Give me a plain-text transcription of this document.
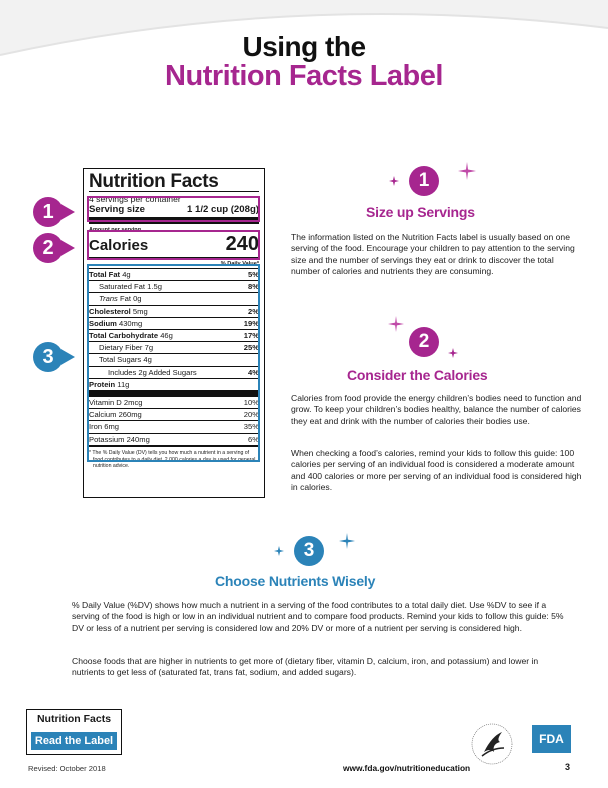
Using the
Nutrition Facts Label
Nutrition Facts
4 servings per container
Serving size	1 1/2 cup (208g)
Amount per serving
Calories	240
% Daily Value*
Total Fat 4g	5%
Saturated Fat 1.5g	8%
Trans Fat 0g
Cholesterol 5mg	2%
Sodium 430mg	19%
Total Carbohydrate 46g	17%
Dietary Fiber 7g	25%
Total Sugars 4g
Includes 2g Added Sugars	4%
Protein 11g
Vitamin D 2mcg	10%
Calcium 260mg	20%
Iron 6mg	35%
Potassium 240mg	6%
* The % Daily Value (DV) tells you how much a nutrient in a serving of food contributes to a daily diet. 2,000 calories a day is used for general nutrition advice.
1
2
3
1
Size up Servings
The information listed on the Nutrition Facts label is usually based on one serving of the food. Encourage your children to pay attention to the serving size and the number of servings they eat or drink to discover the total number of calories and nutrients they are consuming.
2
Consider the Calories
Calories from food provide the energy children’s bodies need to function and grow. To keep your children’s bodies healthy, balance the number of calories they eat and drink with the number of calories their bodies use.
When checking a food’s calories, remind your kids to follow this guide: 100 calories per serving of an individual food is considered a moderate amount and 400 calories or more per serving of an individual food is considered high in calories.
3
Choose Nutrients Wisely
% Daily Value (%DV) shows how much a nutrient in a serving of the food contributes to a total daily diet. Use %DV to see if a serving of the food is high or low in an individual nutrient and to compare food products. Remind your kids to follow this guide: 5% DV or less of a nutrient per serving is considered low and 20% DV or more of a nutrient per serving is considered high.
Choose foods that are higher in nutrients to get more of (dietary fiber, vitamin D, calcium, iron, and potassium) and lower in nutrients to get less of (saturated fat, trans fat, sodium, and added sugars).
Nutrition Facts
Read the Label
Revised: October 2018	www.fda.gov/nutritioneducation	3
FDA
